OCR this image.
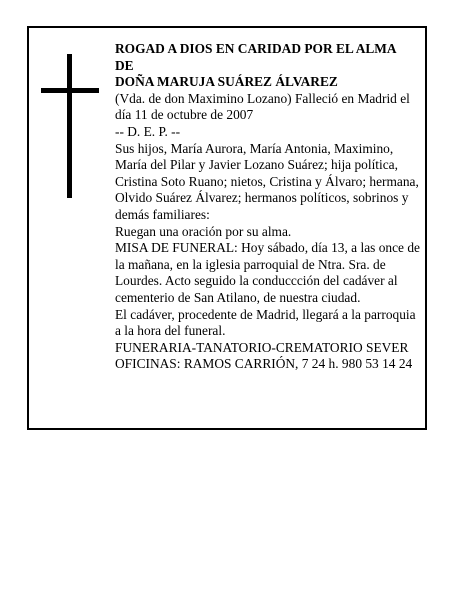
ROGAD A DIOS EN CARIDAD POR EL ALMA

DE

DOÑA MARUJA SUÁREZ ÁLVAREZ

(Vda. de don Maximino Lozano) Falleció en Madrid el día 11 de octubre de 2007

-- D. E. P. --

Sus hijos, María Aurora, María Antonia, Maximino, María del Pilar y Javier Lozano Suárez; hija política, Cristina Soto Ruano; nietos, Cristina y Álvaro; hermana, Olvido Suárez Álvarez; hermanos políticos, sobrinos y demás familiares:

Ruegan una oración por su alma.

MISA DE FUNERAL: Hoy sábado, día 13, a las once de la mañana, en la iglesia parroquial de Ntra. Sra. de Lourdes. Acto seguido la conduccción del cadáver al cementerio de San Atilano, de nuestra ciudad.

El cadáver, procedente de Madrid, llegará a la parroquia a la hora del funeral.

FUNERARIA-TANATORIO-CREMATORIO SEVER

OFICINAS: RAMOS CARRIÓN, 7 24 h. 980 53 14 24
